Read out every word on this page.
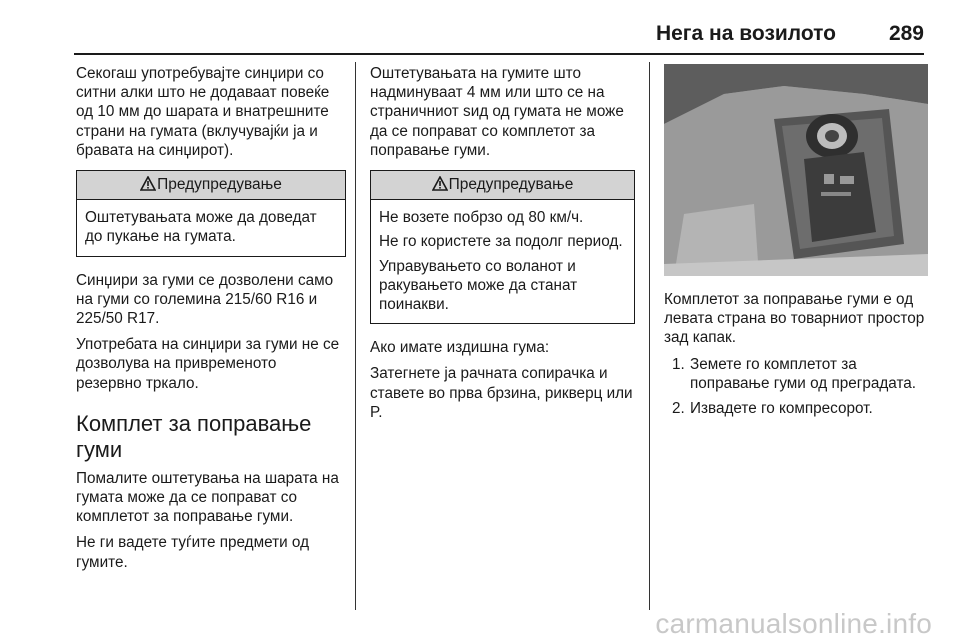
Нега на возилото	289

Секогаш употребувајте синџири со ситни алки што не додаваат повеќе од 10 мм до шарата и внатрешните страни на гумата (вклучувајќи ја и бравата на синџирот).

Предупредување

Оштетувањата може да доведат до пукање на гумата.

Синџири за гуми се дозволени само на гуми со големина 215/60 R16 и 225/50 R17.

Употребата на синџири за гуми не се дозволува на привременото резервно тркало.

Комплет за поправање гуми

Помалите оштетувања на шарата на гумата може да се поправат со комплетот за поправање гуми.

Не ги вадете туѓите предмети од гумите.

Оштетувањата на гумите што надминуваат 4 мм или што се на страничниот sид од гумата не може да се поправат со комплетот за поправање гуми.

Предупредување

Не возете побрзо од 80 км/ч.

Не го користете за подолг период.

Управувањето со воланот и ракувањето може да станат поинакви.

Ако имате издишна гума:

Затегнете ја рачната сопирачка и ставете во прва брзина, рикверц или P.

Комплетот за поправање гуми е од левата страна во товарниот простор зад капак.

1. Земете го комплетот за поправање гуми од преградата.
2. Извадете го компресорот.
carmanualsonline.info
